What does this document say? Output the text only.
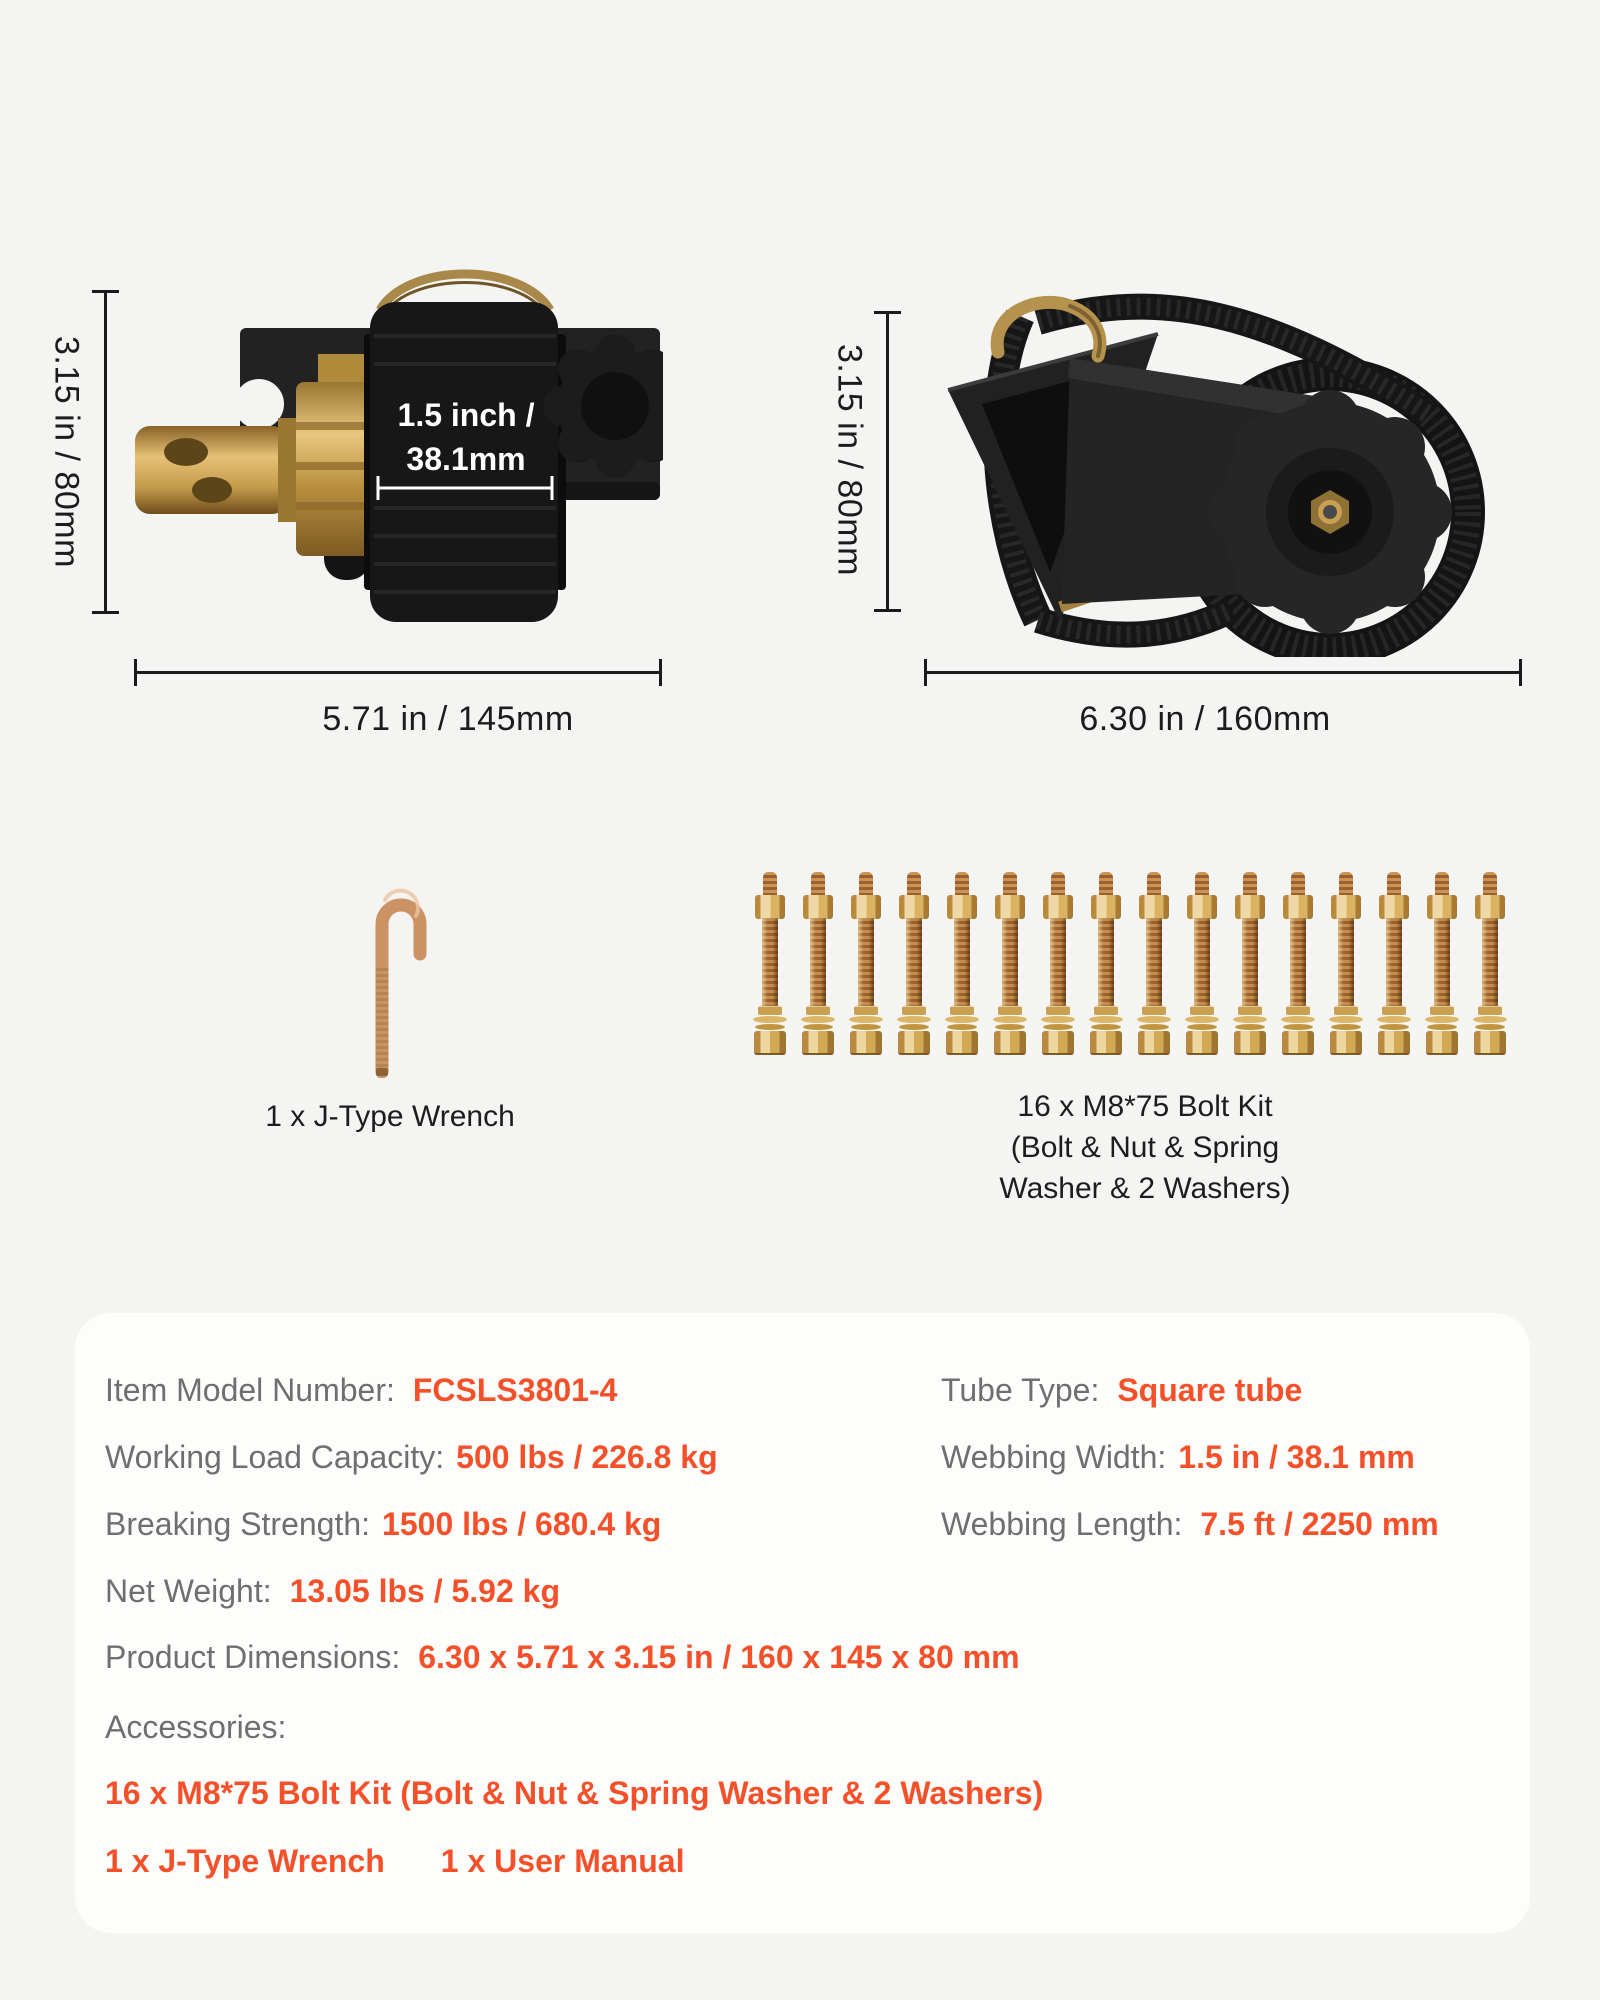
3.15 in / 80mm	1.5 inch /
38.1mm
5.71 in / 145mm
3.15 in / 80mm
6.30 in / 160mm
1 x J-Type Wrench	16 x M8*75 Bolt Kit
(Bolt & Nut & Spring
Washer & 2 Washers)
Item Model Number: FCSLS3801-4	Tube Type: Square tube
Working Load Capacity: 500 lbs / 226.8 kg	Webbing Width: 1.5 in / 38.1 mm
Breaking Strength: 1500 lbs / 680.4 kg	Webbing Length: 7.5 ft / 2250 mm
Net Weight: 13.05 lbs / 5.92 kg
Product Dimensions: 6.30 x 5.71 x 3.15 in / 160 x 145 x 80 mm
Accessories:
16 x M8*75 Bolt Kit (Bolt & Nut & Spring Washer & 2 Washers)
1 x J-Type Wrench 1 x User Manual
